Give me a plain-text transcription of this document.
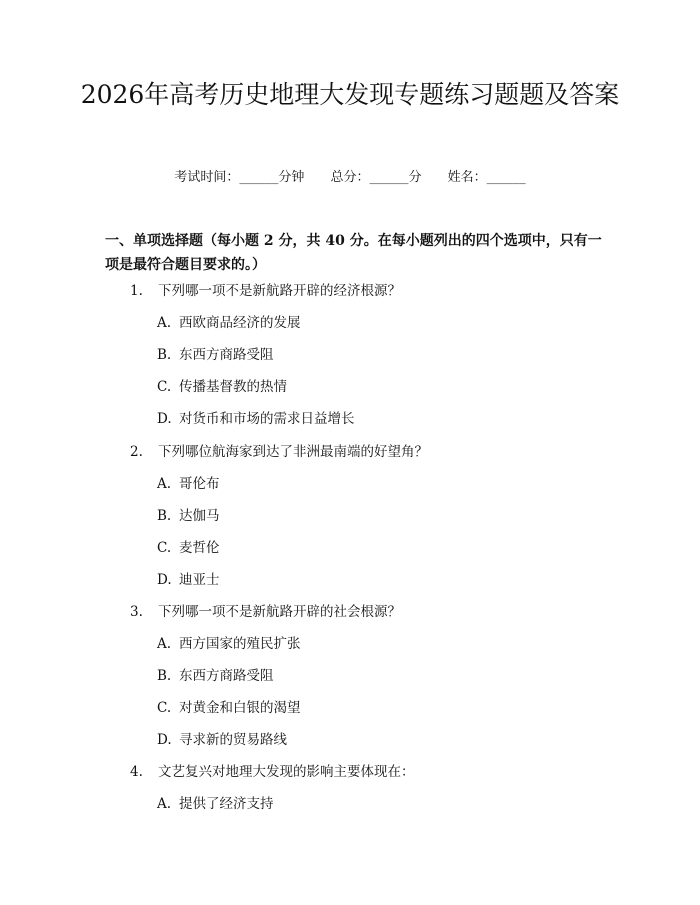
2026年高考历史地理大发现专题练习题题及答案
考试时间：______分钟 总分：______分 姓名：______
一、单项选择题（每小题 2 分，共 40 分。在每小题列出的四个选项中，只有一项是最符合题目要求的。）
1. 下列哪一项不是新航路开辟的经济根源？
A. 西欧商品经济的发展
B. 东西方商路受阻
C. 传播基督教的热情
D. 对货币和市场的需求日益增长
2. 下列哪位航海家到达了非洲最南端的好望角？
A. 哥伦布
B. 达伽马
C. 麦哲伦
D. 迪亚士
3. 下列哪一项不是新航路开辟的社会根源？
A. 西方国家的殖民扩张
B. 东西方商路受阻
C. 对黄金和白银的渴望
D. 寻求新的贸易路线
4. 文艺复兴对地理大发现的影响主要体现在：
A. 提供了经济支持
